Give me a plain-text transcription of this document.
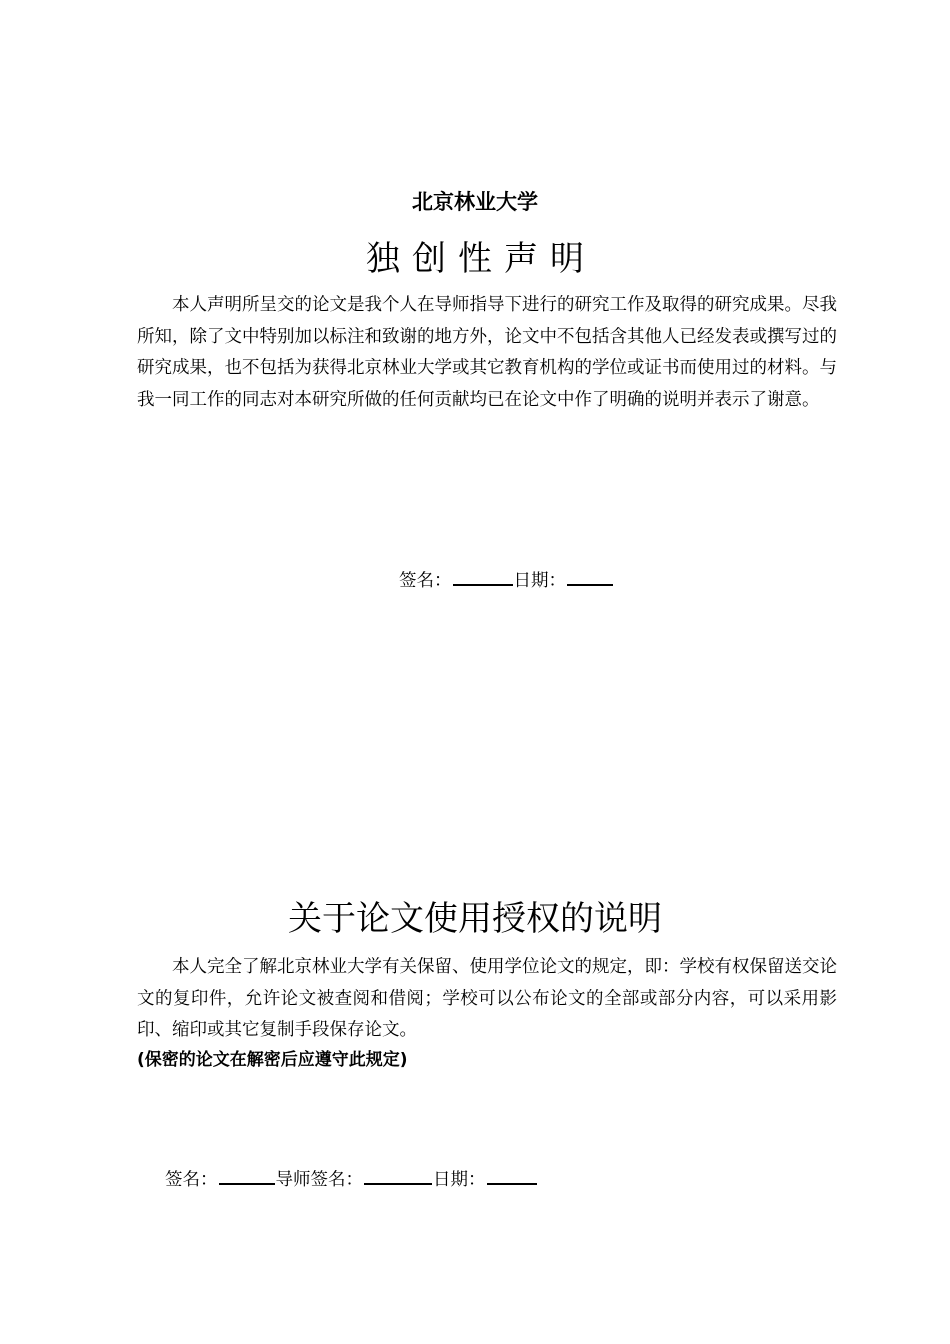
北京林业大学
独创性声明
本人声明所呈交的论文是我个人在导师指导下进行的研究工作及取得的研究成果。尽我所知，除了文中特别加以标注和致谢的地方外，论文中不包括含其他人已经发表或撰写过的研究成果，也不包括为获得北京林业大学或其它教育机构的学位或证书而使用过的材料。与我一同工作的同志对本研究所做的任何贡献均已在论文中作了明确的说明并表示了谢意。
签名：	日期：
关于论文使用授权的说明
本人完全了解北京林业大学有关保留、使用学位论文的规定，即：学校有权保留送交论文的复印件，允许论文被查阅和借阅；学校可以公布论文的全部或部分内容，可以采用影印、缩印或其它复制手段保存论文。
(保密的论文在解密后应遵守此规定)
签名：	导师签名：	日期：
